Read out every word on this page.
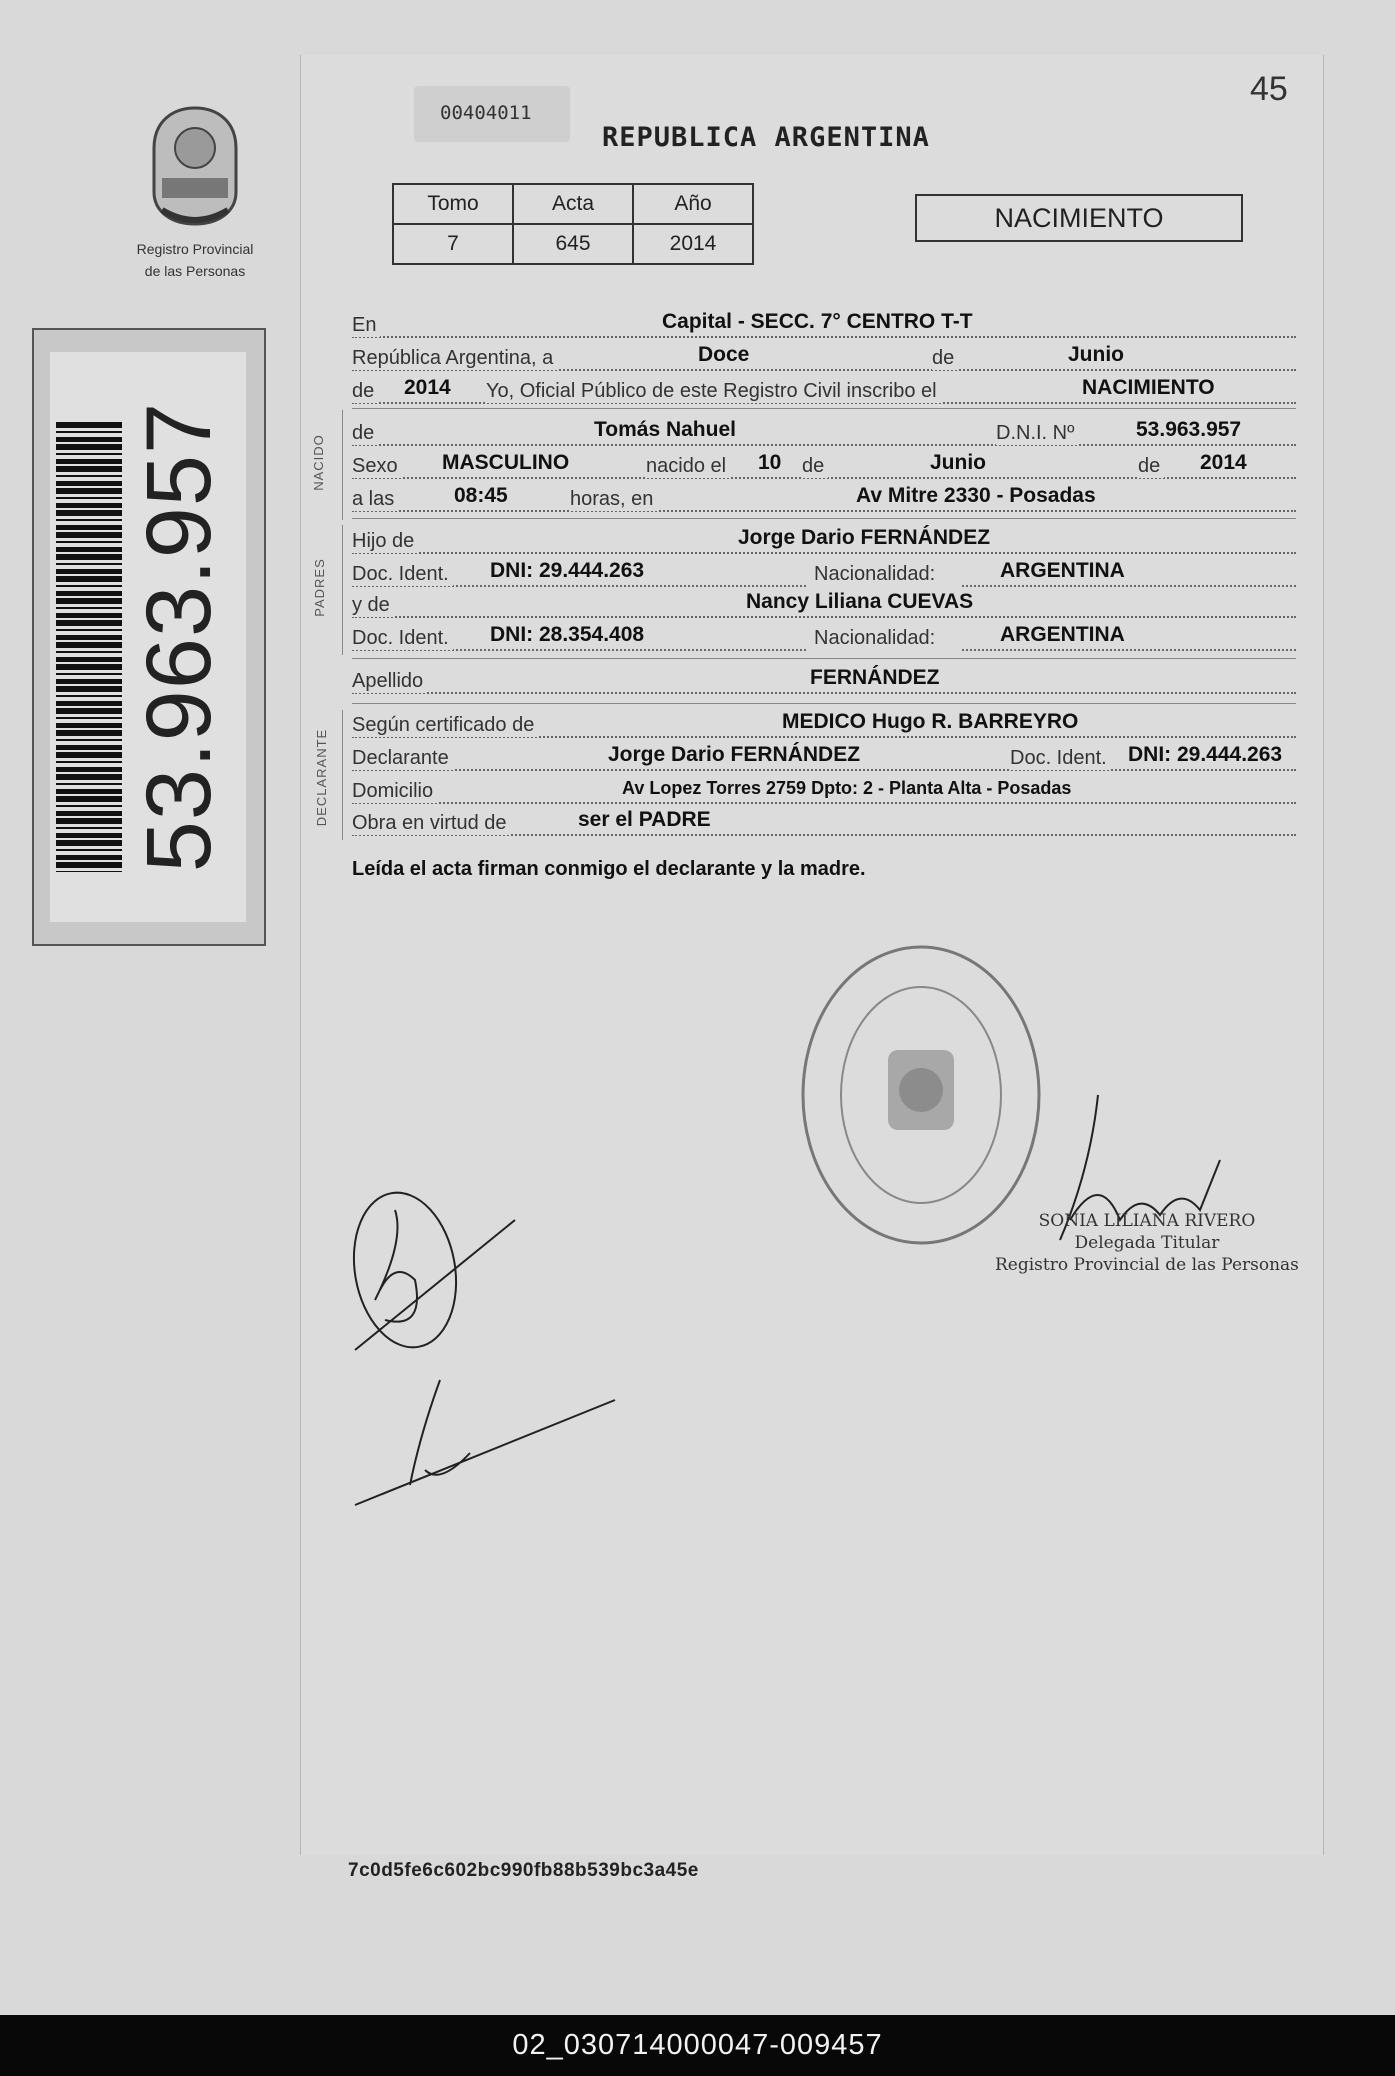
Registro Provincial
de las Personas
53.963.957
00404011
REPUBLICA ARGENTINA
45
Tomo	Acta	Año
7	645	2014
NACIMIENTO
NACIDO
PADRES
DECLARANTE
En	Capital - SECC. 7° CENTRO T-T
República Argentina, a	Doce	de	Junio
de 2014 Yo, Oficial Público de este Registro Civil inscribo el	NACIMIENTO
de	Tomás Nahuel	D.N.I. Nº	53.963.957
Sexo MASCULINO	nacido el 10 de	Junio	de 2014
a las	08:45	horas, en	Av Mitre 2330 - Posadas
Hijo de	Jorge Dario FERNÁNDEZ
Doc. Ident. DNI: 29.444.263	Nacionalidad:	ARGENTINA
y de	Nancy Liliana CUEVAS
Doc. Ident. DNI: 28.354.408	Nacionalidad:	ARGENTINA
Apellido	FERNÁNDEZ
Según certificado de	MEDICO Hugo R. BARREYRO
Declarante	Jorge Dario FERNÁNDEZ	Doc. Ident. DNI: 29.444.263
Domicilio	Av Lopez Torres 2759 Dpto: 2 - Planta Alta - Posadas
Obra en virtud de	ser el PADRE
Leída el acta firman conmigo el declarante y la madre.
SONIA LILIANA RIVERO
Delegada Titular
Registro Provincial de las Personas
7c0d5fe6c602bc990fb88b539bc3a45e
02_030714000047-009457
